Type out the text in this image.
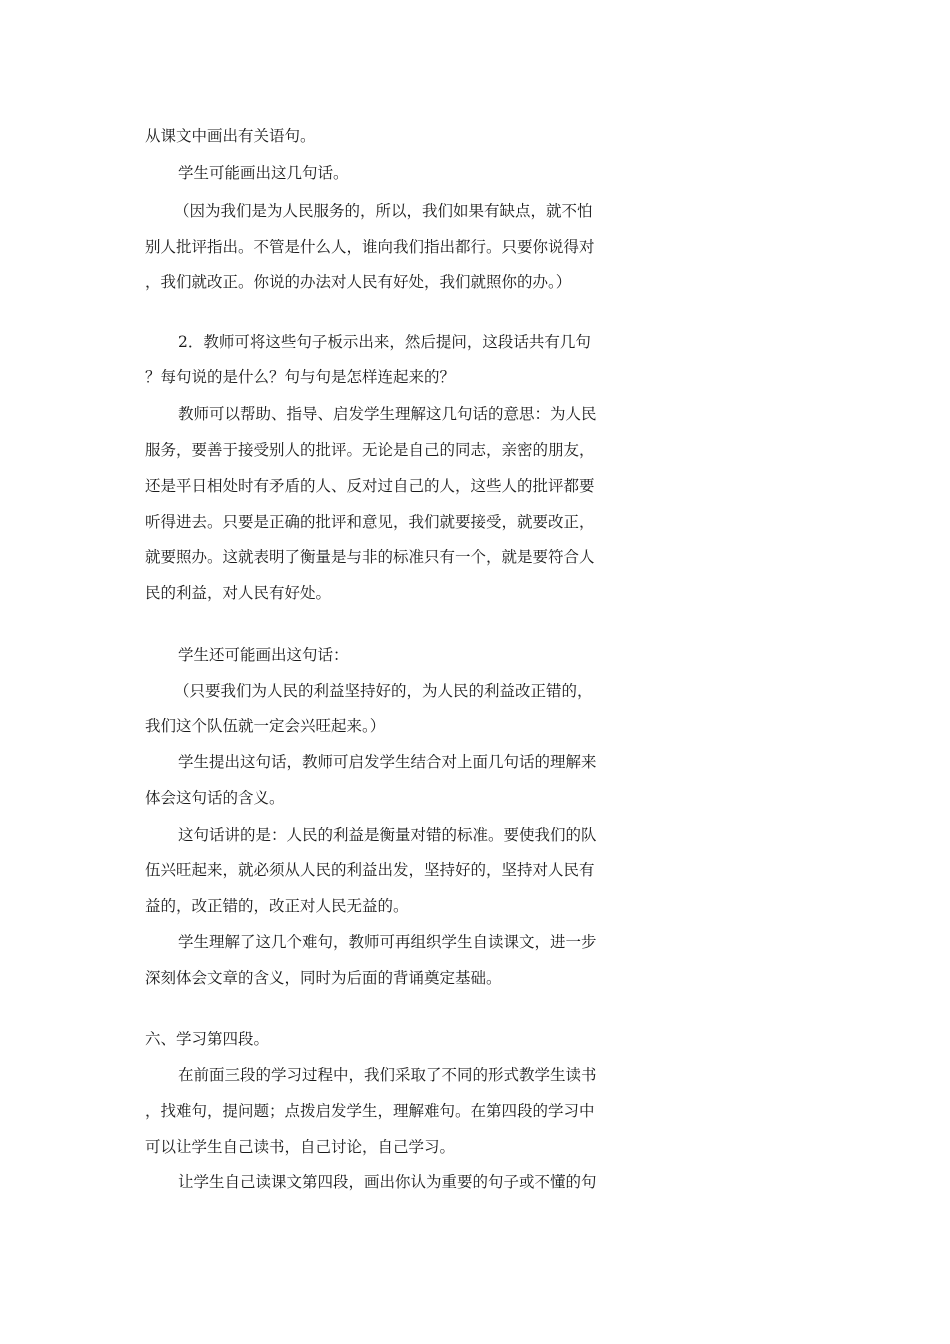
从课文中画出有关语句。
学生可能画出这几句话。
（因为我们是为人民服务的，所以，我们如果有缺点，就不怕
别人批评指出。不管是什么人，谁向我们指出都行。只要你说得对
，我们就改正。你说的办法对人民有好处，我们就照你的办。）
2．教师可将这些句子板示出来，然后提问，这段话共有几句
？每句说的是什么？句与句是怎样连起来的？
教师可以帮助、指导、启发学生理解这几句话的意思：为人民
服务，要善于接受别人的批评。无论是自己的同志，亲密的朋友，
还是平日相处时有矛盾的人、反对过自己的人，这些人的批评都要
听得进去。只要是正确的批评和意见，我们就要接受，就要改正，
就要照办。这就表明了衡量是与非的标准只有一个，就是要符合人
民的利益，对人民有好处。
学生还可能画出这句话：
（只要我们为人民的利益坚持好的，为人民的利益改正错的，
我们这个队伍就一定会兴旺起来。）
学生提出这句话，教师可启发学生结合对上面几句话的理解来
体会这句话的含义。
这句话讲的是：人民的利益是衡量对错的标准。要使我们的队
伍兴旺起来，就必须从人民的利益出发，坚持好的，坚持对人民有
益的，改正错的，改正对人民无益的。
学生理解了这几个难句，教师可再组织学生自读课文，进一步
深刻体会文章的含义，同时为后面的背诵奠定基础。
六、学习第四段。
在前面三段的学习过程中，我们采取了不同的形式教学生读书
，找难句，提问题；点拨启发学生，理解难句。在第四段的学习中
可以让学生自己读书，自己讨论，自己学习。
让学生自己读课文第四段，画出你认为重要的句子或不懂的句
